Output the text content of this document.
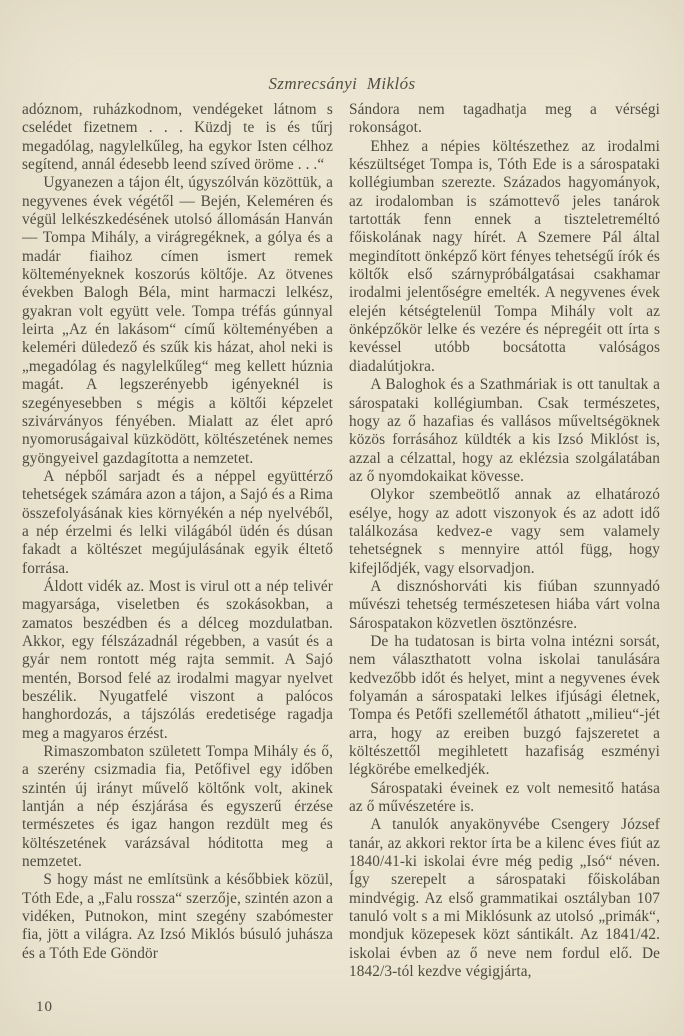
Szmrecsányi Miklós

adóznom, ruházkodnom, vendégeket látnom s cselédet fizetnem . . . Küzdj te is és tűrj megadólag, nagylelkűleg, ha egykor Isten célhoz segítend, annál édesebb leend szíved öröme . . .“

Ugyanezen a tájon élt, úgyszólván közöttük, a negyvenes évek végétől — Bején, Keleméren és végül lelkészkedésének utolsó állomásán Hanván — Tompa Mihály, a virágregéknek, a gólya és a madár fiaihoz címen ismert remek költeményeknek koszorús költője. Az ötvenes években Balogh Béla, mint harmaczi lelkész, gyakran volt együtt vele. Tompa tréfás gúnnyal leirta „Az én lakásom“ című költeményében a keleméri düledező és szűk kis házat, ahol neki is „megadólag és nagylelkűleg“ meg kellett húznia magát. A legszerényebb igényeknél is szegényesebben s mégis a költői képzelet szivárványos fényében. Mialatt az élet apró nyomoruságaival küzködött, költészetének nemes gyöngyeivel gazdagította a nemzetet.

A népből sarjadt és a néppel együttérző tehetségek számára azon a tájon, a Sajó és a Rima összefolyásának kies környékén a nép nyelvéből, a nép érzelmi és lelki világából üdén és dúsan fakadt a költészet megújulásának egyik éltető forrása.

Áldott vidék az. Most is virul ott a nép telivér magyarsága, viseletben és szokásokban, a zamatos beszédben és a délceg mozdulatban. Akkor, egy félszázadnál régebben, a vasút és a gyár nem rontott még rajta semmit. A Sajó mentén, Borsod felé az irodalmi magyar nyelvet beszélik. Nyugatfelé viszont a palócos hanghordozás, a tájszólás eredetisége ragadja meg a magyaros érzést.

Rimaszombaton született Tompa Mihály és ő, a szerény csizmadia fia, Petőfivel egy időben szintén új irányt művelő költőnk volt, akinek lantján a nép észjárása és egyszerű érzése természetes és igaz hangon rezdült meg és költészetének varázsával hóditotta meg a nemzetet.

S hogy mást ne említsünk a későbbiek közül, Tóth Ede, a „Falu rossza“ szerzője, szintén azon a vidéken, Putnokon, mint szegény szabómester fia, jött a világra. Az Izsó Miklós búsuló juhásza és a Tóth Ede Göndör

Sándora nem tagadhatja meg a vérségi rokonságot.

Ehhez a népies költészethez az irodalmi készültséget Tompa is, Tóth Ede is a sárospataki kollégiumban szerezte. Százados hagyományok, az irodalomban is számottevő jeles tanárok tartották fenn ennek a tiszteletreméltó főiskolának nagy hírét. A Szemere Pál által megindított önképző kört fényes tehetségű írók és költők első szárnypróbálgatásai csakhamar irodalmi jelentőségre emelték. A negyvenes évek elején kétségtelenül Tompa Mihály volt az önképzőkör lelke és vezére és népregéit ott írta s kevéssel utóbb bocsátotta valóságos diadalútjokra.

A Baloghok és a Szathmáriak is ott tanultak a sárospataki kollégiumban. Csak természetes, hogy az ő hazafias és vallásos műveltségöknek közös forrásához küldték a kis Izsó Miklóst is, azzal a célzattal, hogy az eklézsia szolgálatában az ő nyomdokaikat kövesse.

Olykor szembeötlő annak az elhatározó esélye, hogy az adott viszonyok és az adott idő találkozása kedvez-e vagy sem valamely tehetségnek s mennyire attól függ, hogy kifejlődjék, vagy elsorvadjon.

A disznóshorváti kis fiúban szunnyadó művészi tehetség természetesen hiába várt volna Sárospatakon közvetlen ösztönzésre.

De ha tudatosan is birta volna intézni sorsát, nem választhatott volna iskolai tanulására kedvezőbb időt és helyet, mint a negyvenes évek folyamán a sárospataki lelkes ifjúsági életnek, Tompa és Petőfi szellemétől áthatott „milieu“-jét arra, hogy az ereiben buzgó fajszeretet a költészettől megihletett hazafiság eszményi légkörébe emelkedjék.

Sárospataki éveinek ez volt nemesitő hatása az ő művészetére is.

A tanulók anyakönyvébe Csengery József tanár, az akkori rektor írta be a kilenc éves fiút az 1840/41-ki iskolai évre még pedig „Isó“ néven. Így szerepelt a sárospataki főiskolában mindvégig. Az első grammatikai osztályban 107 tanuló volt s a mi Miklósunk az utolsó „primák“, mondjuk közepesek közt sántikált. Az 1841/42. iskolai évben az ő neve nem fordul elő. De 1842/3-tól kezdve végigjárta,

10
